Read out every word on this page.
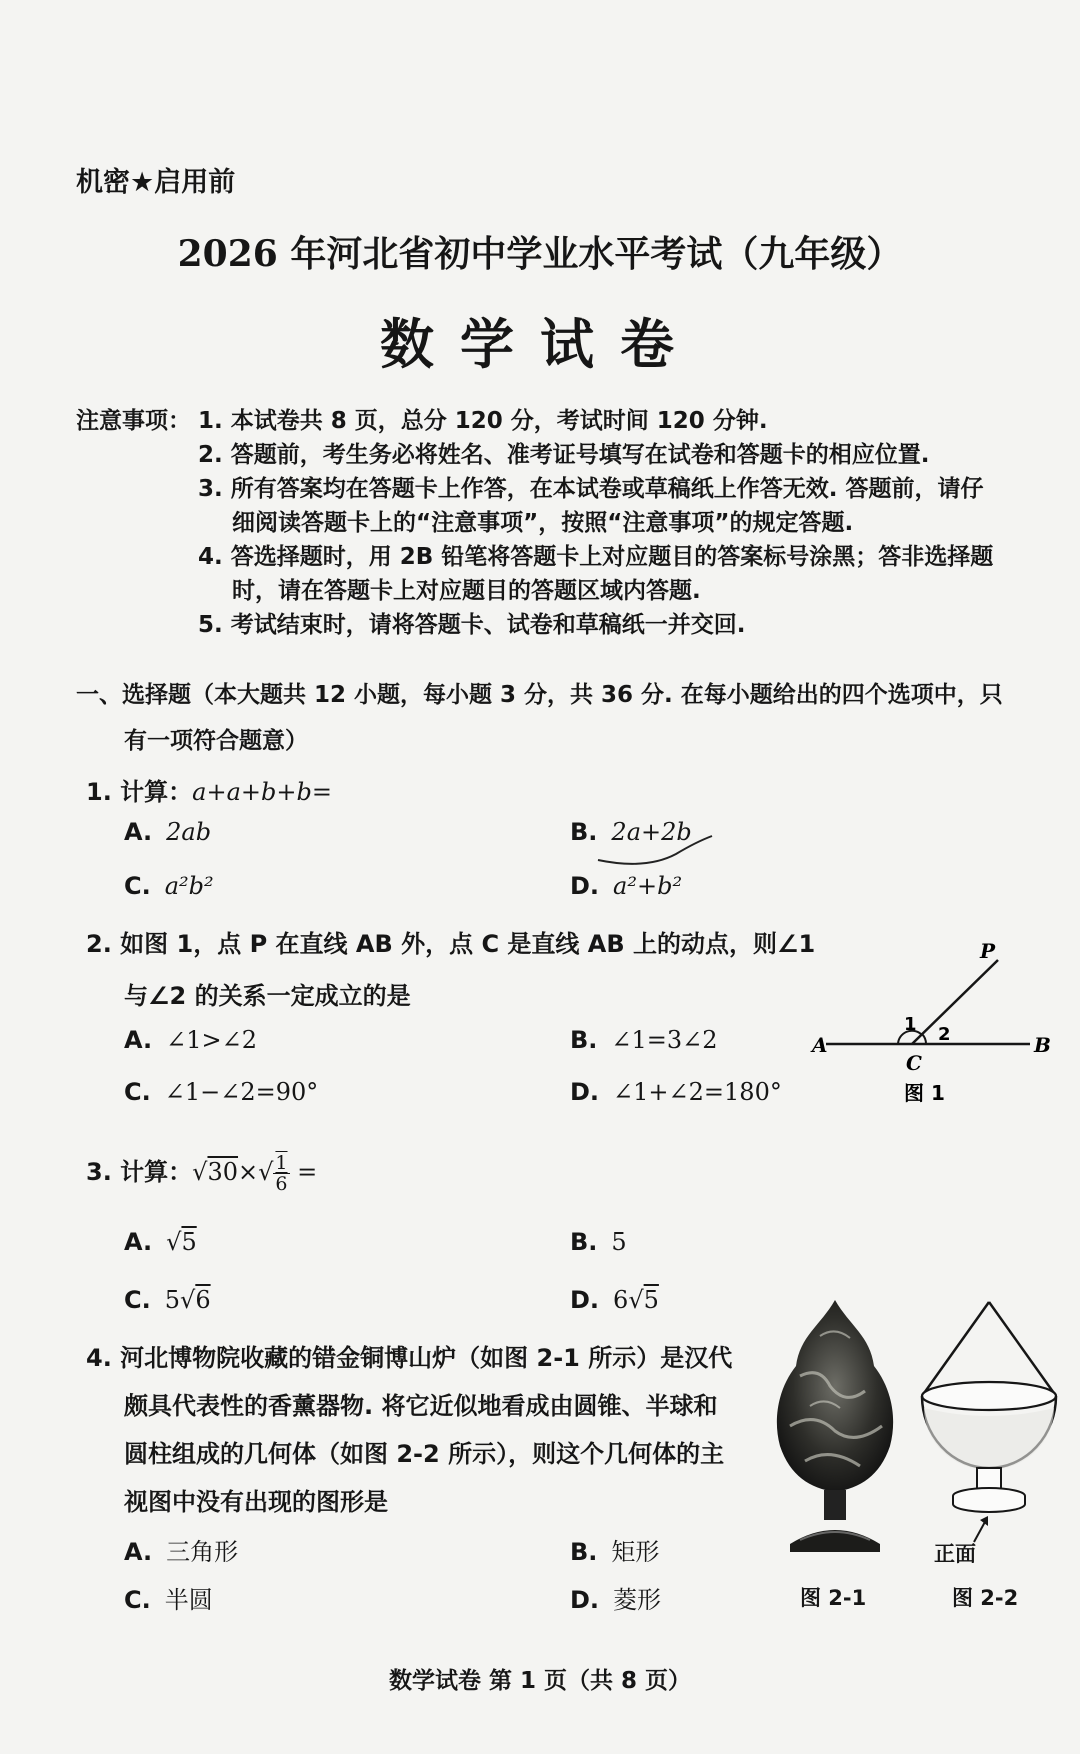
机密★启用前
2026 年河北省初中学业水平考试（九年级）
数学试卷
注意事项： 1. 本试卷共 8 页，总分 120 分，考试时间 120 分钟.
2. 答题前，考生务必将姓名、准考证号填写在试卷和答题卡的相应位置.
3. 所有答案均在答题卡上作答，在本试卷或草稿纸上作答无效. 答题前，请仔
细阅读答题卡上的“注意事项”，按照“注意事项”的规定答题.
4. 答选择题时，用 2B 铅笔将答题卡上对应题目的答案标号涂黑；答非选择题
时，请在答题卡上对应题目的答题区域内答题.
5. 考试结束时，请将答题卡、试卷和草稿纸一并交回.
一、选择题（本大题共 12 小题，每小题 3 分，共 36 分. 在每小题给出的四个选项中，只
有一项符合题意）
1. 计算：a+a+b+b=
A. 2ab	B. 2a+2b
C. a²b²	D. a²+b²
2. 如图 1，点 P 在直线 AB 外，点 C 是直线 AB 上的动点，则∠1
与∠2 的关系一定成立的是
A. ∠1>∠2	B. ∠1=3∠2
C. ∠1−∠2=90°	D. ∠1+∠2=180°
A	B
C
P
1 2
图 1
3. 计算：$√30\times√ \frac{1}{6}$ =
A. √5	B. 5
C. 5√6	D. 6√5
4. 河北博物院收藏的错金铜博山炉（如图 2-1 所示）是汉代
颇具代表性的香薰器物. 将它近似地看成由圆锥、半球和
圆柱组成的几何体（如图 2-2 所示），则这个几何体的主
视图中没有出现的图形是
A. 三角形	B. 矩形
C. 半圆	D. 菱形
正面
图 2-1	图 2-2
数学试卷 第 1 页（共 8 页）
